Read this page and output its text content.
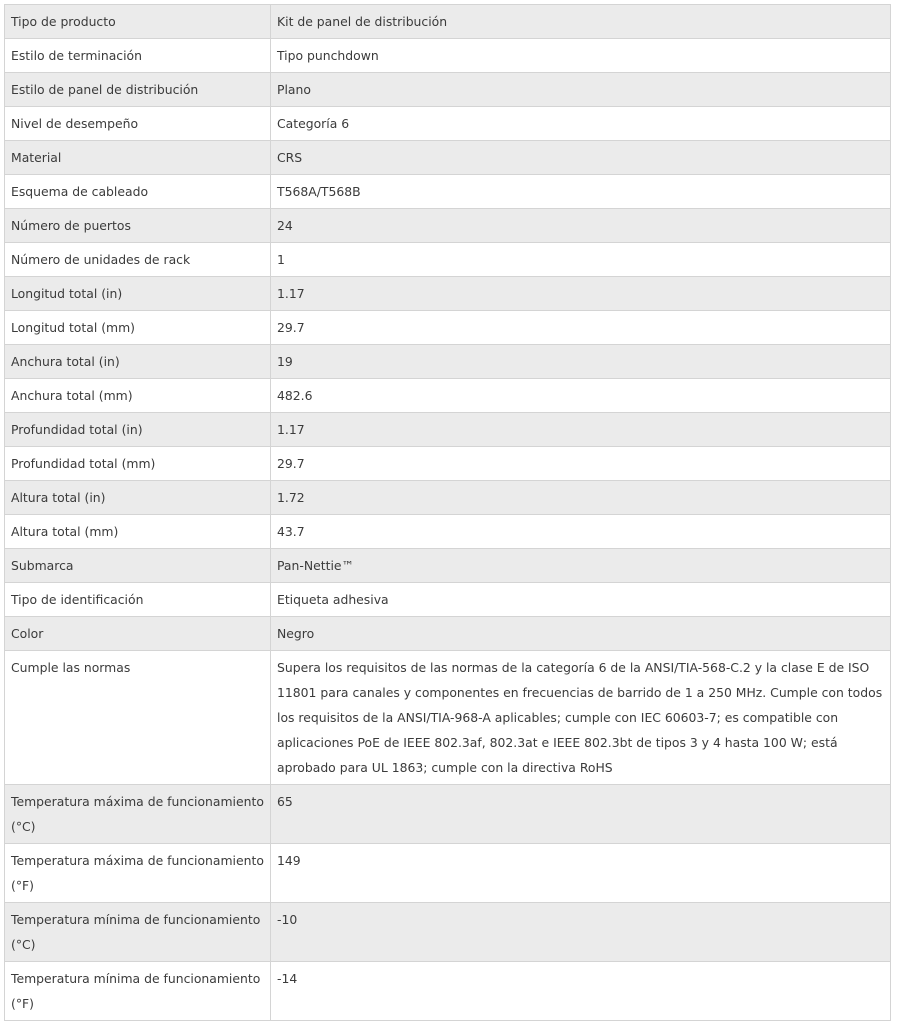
Tipo de producto	Kit de panel de distribución
Estilo de terminación	Tipo punchdown
Estilo de panel de distribución	Plano
Nivel de desempeño	Categoría 6
Material	CRS
Esquema de cableado	T568A/T568B
Número de puertos	24
Número de unidades de rack	1
Longitud total (in)	1.17
Longitud total (mm)	29.7
Anchura total (in)	19
Anchura total (mm)	482.6
Profundidad total (in)	1.17
Profundidad total (mm)	29.7
Altura total (in)	1.72
Altura total (mm)	43.7
Submarca	Pan-Nettie™
Tipo de identificación	Etiqueta adhesiva
Color	Negro
Cumple las normas	Supera los requisitos de las normas de la categoría 6 de la ANSI/TIA-568-C.2 y la clase E de ISO 11801 para canales y componentes en frecuencias de barrido de 1 a 250 MHz. Cumple con todos los requisitos de la ANSI/TIA-968-A aplicables; cumple con IEC 60603-7; es compatible con aplicaciones PoE de IEEE 802.3af, 802.3at e IEEE 802.3bt de tipos 3 y 4 hasta 100 W; está aprobado para UL 1863; cumple con la directiva RoHS
Temperatura máxima de funcionamiento (°C)	65
Temperatura máxima de funcionamiento (°F)	149
Temperatura mínima de funcionamiento (°C)	-10
Temperatura mínima de funcionamiento (°F)	-14
